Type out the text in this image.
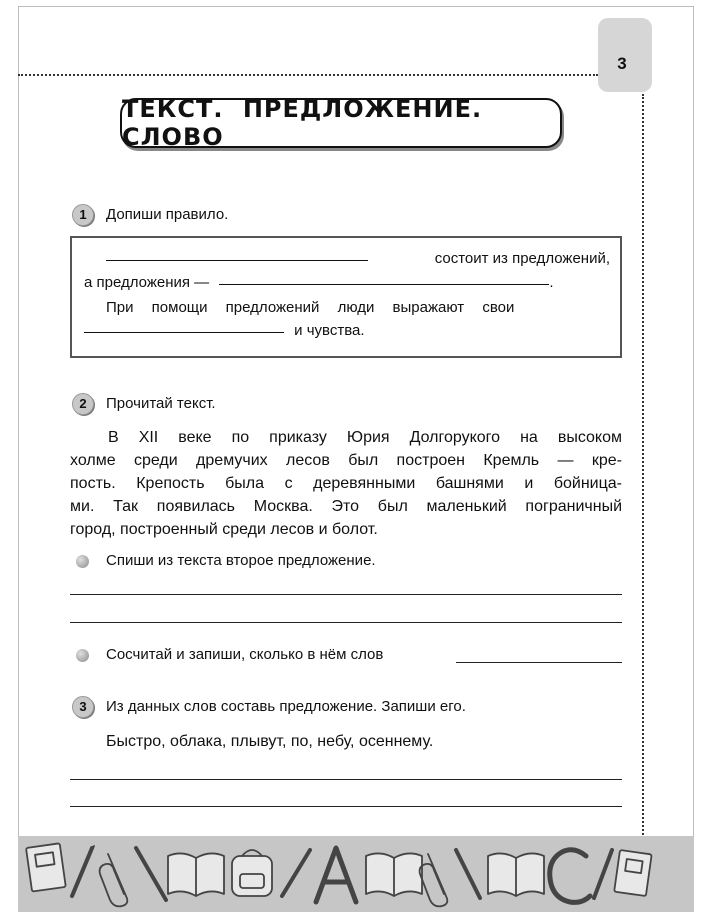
3
ТЕКСТ. ПРЕДЛОЖЕНИЕ. СЛОВО
1	Допиши правило.
состоит из предложений,
а предложения —	.
При помощи предложений люди выражают свои
и чувства.
2	Прочитай текст.

В XII веке по приказу Юрия Долгорукого на высоком

холме среди дремучих лесов был построен Кремль — кре-

пость. Крепость была с деревянными башнями и бойница-

ми. Так появилась Москва. Это был маленький пограничный

город, построенный среди лесов и болот.

Спиши из текста второе предложение.
Сосчитай и запиши, сколько в нём слов
3	Из данных слов составь предложение. Запиши его.
Быстро, облака, плывут, по, небу, осеннему.
